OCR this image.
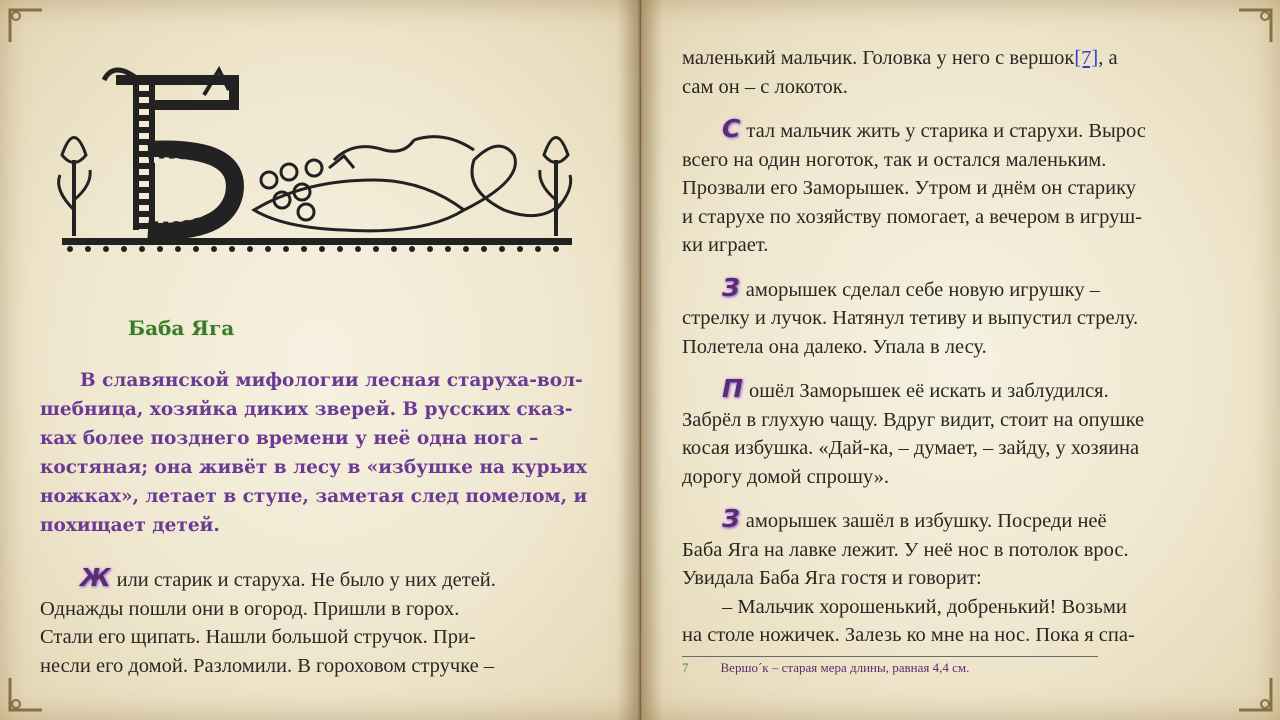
Баба Яга
В славянской мифологии лесная старуха-вол-
шебница, хозяйка диких зверей. В русских сказ-
ках более позднего времени у неё одна нога –
костяная; она живёт в лесу в «избушке на курьих
ножках», летает в ступе, заметая след помелом, и
похищает детей.
Ж или старик и старуха. Не было у них детей.
Однажды пошли они в огород. Пришли в горох.
Стали его щипать. Нашли большой стручок. При-
несли его домой. Разломили. В гороховом стручке –
маленький мальчик. Головка у него с вершок[7], а
сам он – с локоток.
С тал мальчик жить у старика и старухи. Вырос
всего на один ноготок, так и остался маленьким.
Прозвали его Заморышек. Утром и днём он старику
и старухе по хозяйству помогает, а вечером в игруш-
ки играет.
З аморышек сделал себе новую игрушку –
стрелку и лучок. Натянул тетиву и выпустил стрелу.
Полетела она далеко. Упала в лесу.
П ошёл Заморышек её искать и заблудился.
Забрёл в глухую чащу. Вдруг видит, стоит на опушке
косая избушка. «Дай-ка, – думает, – зайду, у хозяина
дорогу домой спрошу».
З аморышек зашёл в избушку. Посреди неё
Баба Яга на лавке лежит. У неё нос в потолок врос.
Увидала Баба Яга гостя и говорит:
– Мальчик хорошенький, добренький! Возьми
на столе ножичек. Залезь ко мне на нос. Пока я спа-
7 Вершо´к – старая мера длины, равная 4,4 см.
